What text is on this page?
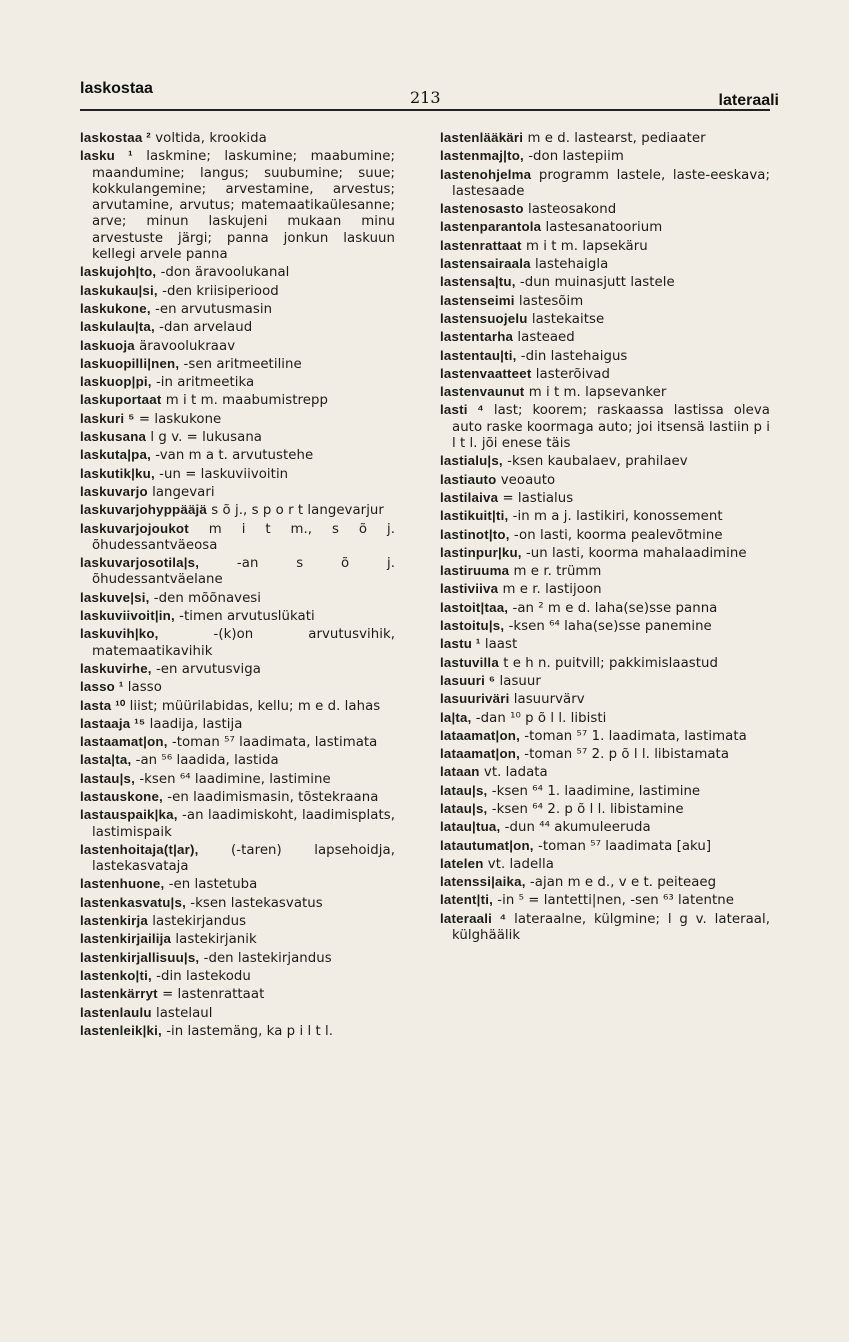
laskostaa	213	lateraali
laskostaa ² voltida, krookida
lasku ¹ laskmine; laskumine; maabumine; maandumine; langus; suubumine; suue; kokkulangemine; arvestamine, arvestus; arvutamine, arvutus; matemaatikaülesanne; arve; minun laskujeni mukaan minu arvestuste järgi; panna jonkun laskuun kellegi arvele panna
laskujoh|to, -don äravoolukanal
laskukau|si, -den kriisiperiood
laskukone, -en arvutusmasin
laskulau|ta, -dan arvelaud
laskuoja äravoolukraav
laskuopilli|nen, -sen aritmeetiline
laskuop|pi, -in aritmeetika
laskuportaat m i t m. maabumistrepp
laskuri ⁵ = laskukone
laskusana l g v. = lukusana
laskuta|pa, -van m a t. arvutustehe
laskutik|ku, -un = laskuviivoitin
laskuvarjo langevari
laskuvarjohyppääjä s õ j., s p o r t langevarjur
laskuvarjojoukot m i t m., s õ j. õhudessantväeosa
laskuvarjosotila|s, -an s õ j. õhudessantväelane
laskuve|si, -den mõõnavesi
laskuviivoit|in, -timen arvutuslükati
laskuvih|ko, -(k)on arvutusvihik, matemaatikavihik
laskuvirhe, -en arvutusviga
lasso ¹ lasso
lasta ¹⁰ liist; müürilabidas, kellu; m e d. lahas
lastaaja ¹⁵ laadija, lastija
lastaamat|on, -toman ⁵⁷ laadimata, lastimata
lasta|ta, -an ⁵⁶ laadida, lastida
lastau|s, -ksen ⁶⁴ laadimine, lastimine
lastauskone, -en laadimismasin, tõstekraana
lastauspaik|ka, -an laadimiskoht, laadimisplats, lastimispaik
lastenhoitaja(t|ar), (-taren) lapsehoidja, lastekasvataja
lastenhuone, -en lastetuba
lastenkasvatu|s, -ksen lastekasvatus
lastenkirja lastekirjandus
lastenkirjailija lastekirjanik
lastenkirjallisuu|s, -den lastekirjandus
lastenko|ti, -din lastekodu
lastenkärryt = lastenrattaat
lastenlaulu lastelaul
lastenleik|ki, -in lastemäng, ka p i l t l.
lastenlääkäri m e d. lastearst, pediaater
lastenmaj|to, -don lastepiim
lastenohjelma programm lastele, laste-eeskava; lastesaade
lastenosasto lasteosakond
lastenparantola lastesanatoorium
lastenrattaat m i t m. lapsekäru
lastensairaala lastehaigla
lastensa|tu, -dun muinasjutt lastele
lastenseimi lastesõim
lastensuojelu lastekaitse
lastentarha lasteaed
lastentau|ti, -din lastehaigus
lastenvaatteet lasterõivad
lastenvaunut m i t m. lapsevanker
lasti ⁴ last; koorem; raskaassa lastissa oleva auto raske koormaga auto; joi itsensä lastiin p i l t l. jõi enese täis
lastialu|s, -ksen kaubalaev, prahilaev
lastiauto veoauto
lastilaiva = lastialus
lastikuit|ti, -in m a j. lastikiri, konossement
lastinot|to, -on lasti, koorma pealevõtmine
lastinpur|ku, -un lasti, koorma mahalaadimine
lastiruuma m e r. trümm
lastiviiva m e r. lastijoon
lastoit|taa, -an ² m e d. laha(se)sse panna
lastoitu|s, -ksen ⁶⁴ laha(se)sse panemine
lastu ¹ laast
lastuvilla t e h n. puitvill; pakkimislaastud
lasuuri ⁶ lasuur
lasuuriväri lasuurvärv
la|ta, -dan ¹⁰ p õ l l. libisti
lataamat|on, -toman ⁵⁷ 1. laadimata, lastimata
lataamat|on, -toman ⁵⁷ 2. p õ l l. libistamata
lataan vt. ladata
latau|s, -ksen ⁶⁴ 1. laadimine, lastimine
latau|s, -ksen ⁶⁴ 2. p õ l l. libistamine
latau|tua, -dun ⁴⁴ akumuleeruda
latautumat|on, -toman ⁵⁷ laadimata [aku]
latelen vt. ladella
latenssi|aika, -ajan m e d., v e t. peiteaeg
latent|ti, -in ⁵ = lantetti|nen, -sen ⁶³ latentne
lateraali ⁴ lateraalne, külgmine; l g v. lateraal, külghäälik
